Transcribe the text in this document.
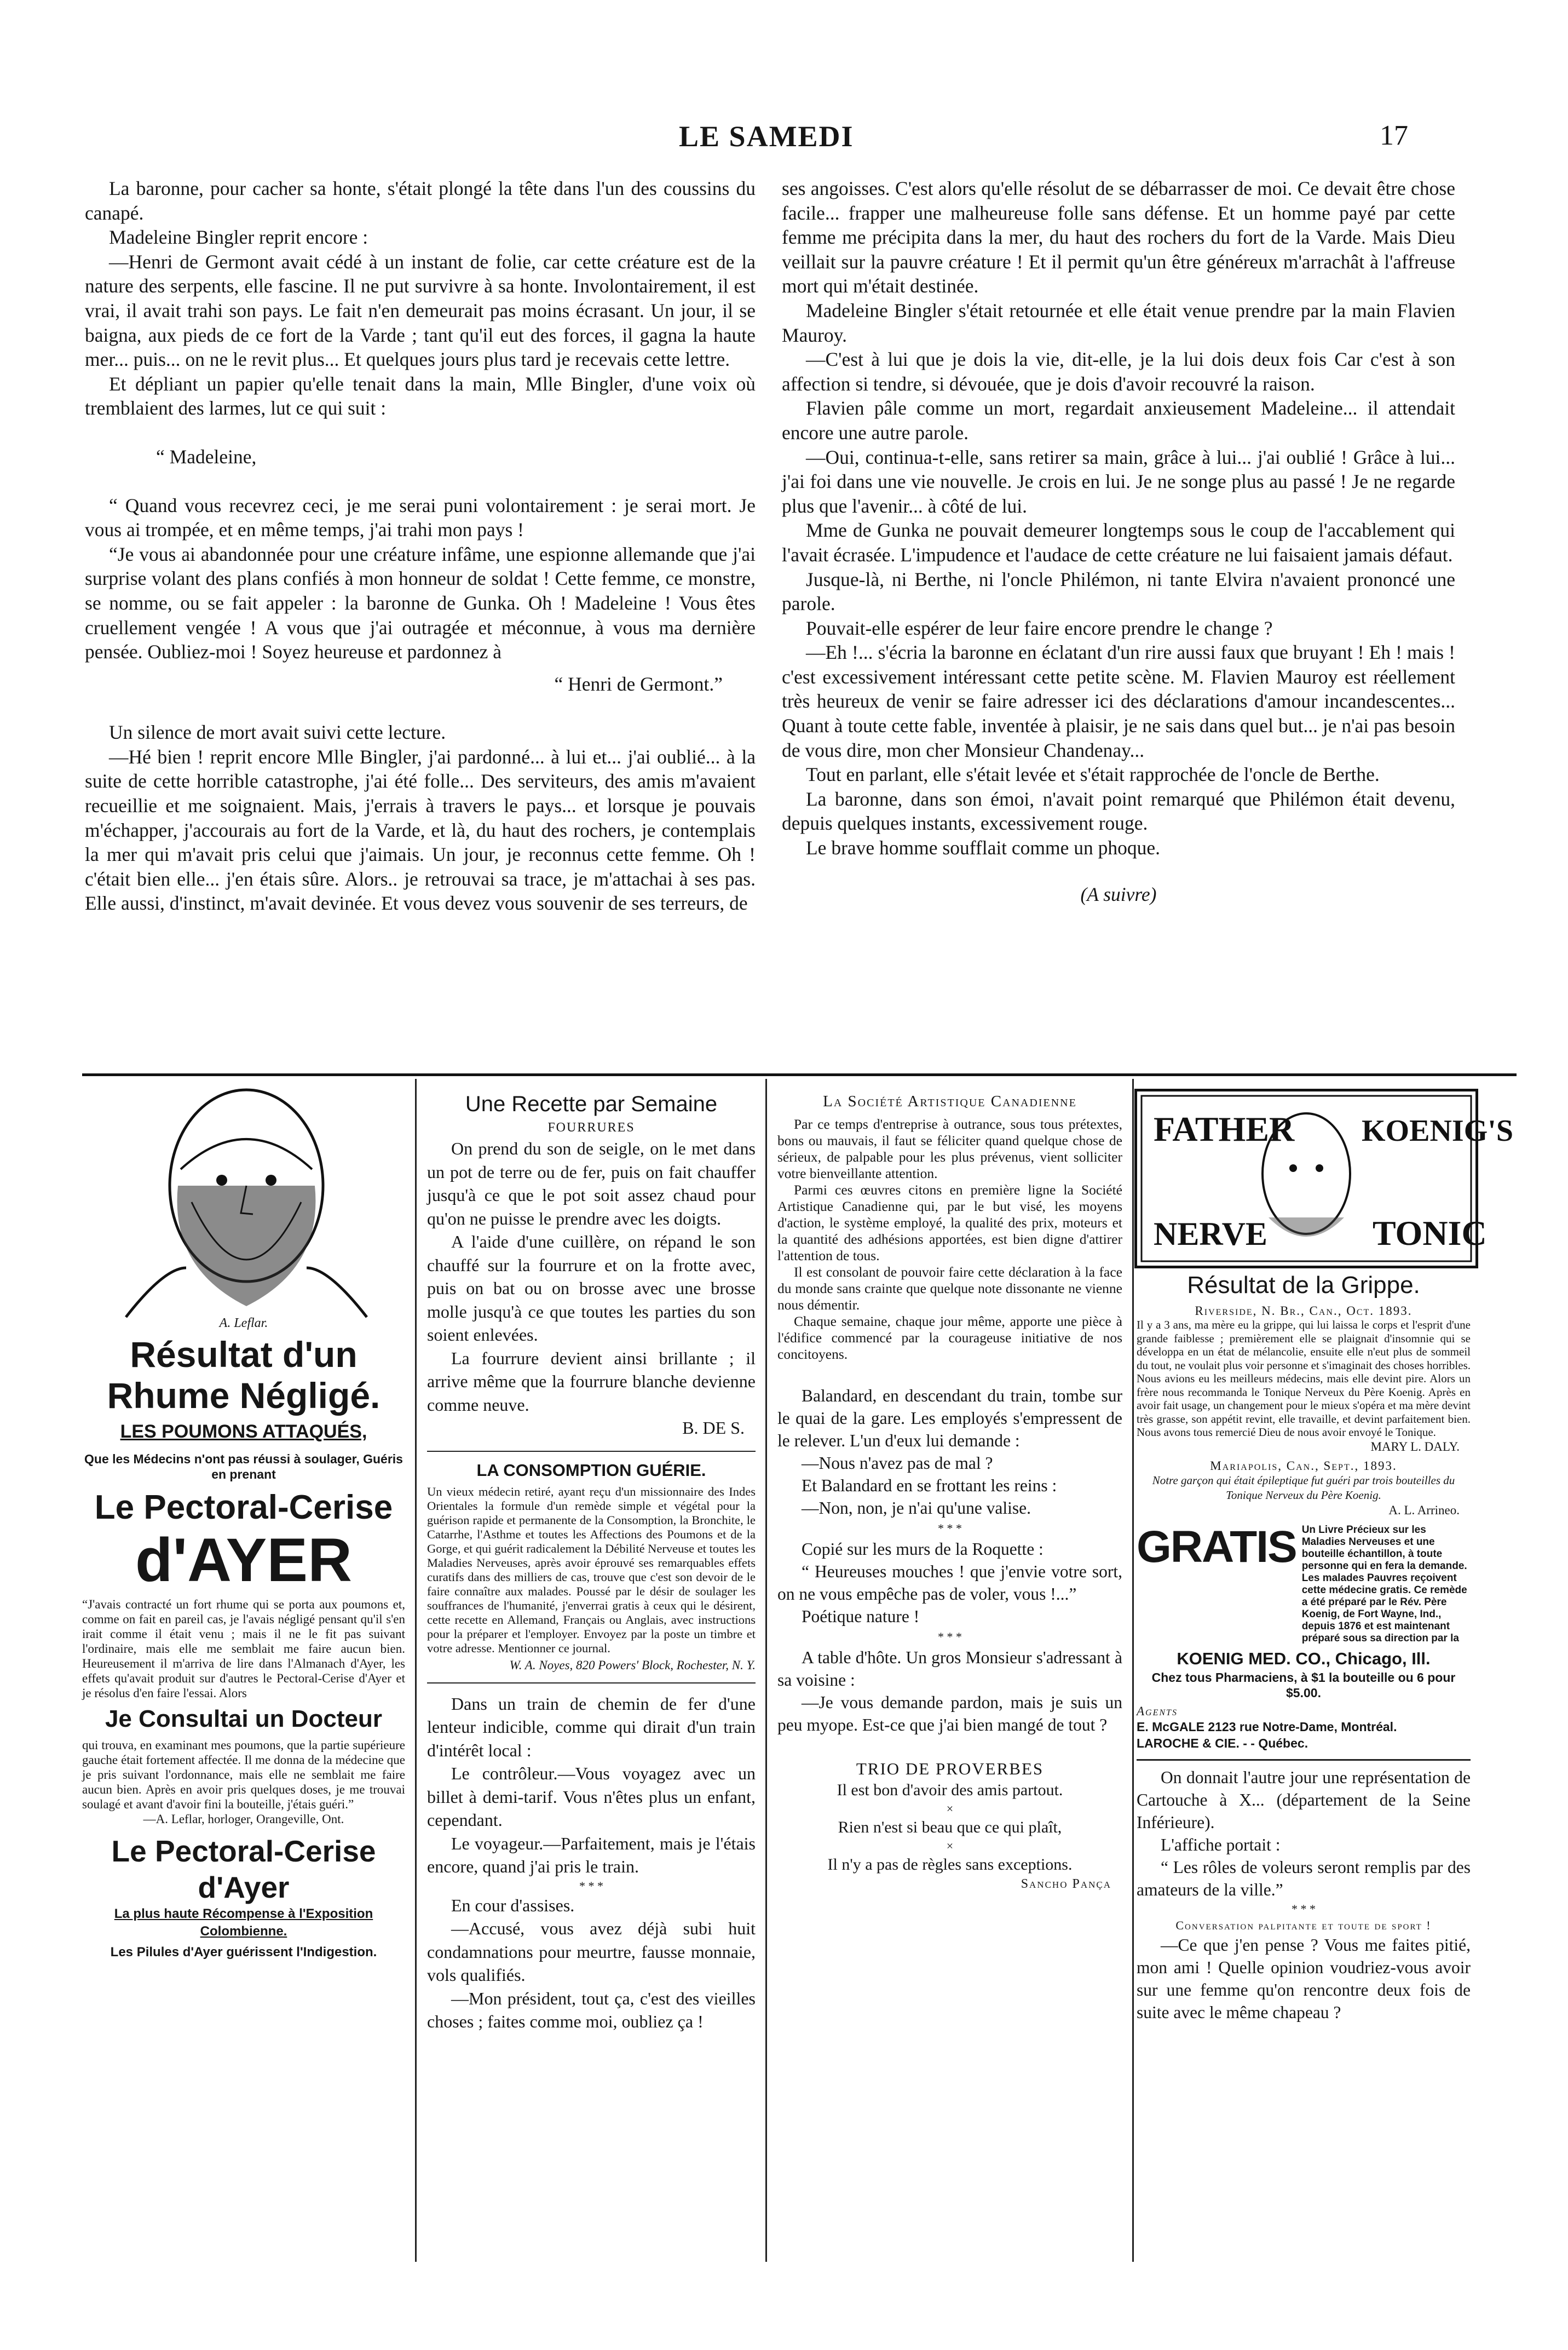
LE SAMEDI	17

La baronne, pour cacher sa honte, s'était plongé la tête dans l'un des coussins du canapé.

Madeleine Bingler reprit encore :

—Henri de Germont avait cédé à un instant de folie, car cette créature est de la nature des serpents, elle fascine. Il ne put survivre à sa honte. Involontairement, il est vrai, il avait trahi son pays. Le fait n'en demeurait pas moins écrasant. Un jour, il se baigna, aux pieds de ce fort de la Varde ; tant qu'il eut des forces, il gagna la haute mer... puis... on ne le revit plus... Et quelques jours plus tard je recevais cette lettre.

Et dépliant un papier qu'elle tenait dans la main, Mlle Bingler, d'une voix où tremblaient des larmes, lut ce qui suit :

“ Madeleine,

“ Quand vous recevrez ceci, je me serai puni volontairement : je serai mort. Je vous ai trompée, et en même temps, j'ai trahi mon pays !

“Je vous ai abandonnée pour une créature infâme, une espionne allemande que j'ai surprise volant des plans confiés à mon honneur de soldat ! Cette femme, ce monstre, se nomme, ou se fait appeler : la baronne de Gunka. Oh ! Madeleine ! Vous êtes cruellement vengée ! A vous que j'ai outragée et méconnue, à vous ma dernière pensée. Oubliez-moi ! Soyez heureuse et pardonnez à

“ Henri de Germont.”

Un silence de mort avait suivi cette lecture.

—Hé bien ! reprit encore Mlle Bingler, j'ai pardonné... à lui et... j'ai oublié... à la suite de cette horrible catastrophe, j'ai été folle... Des serviteurs, des amis m'avaient recueillie et me soignaient. Mais, j'errais à travers le pays... et lorsque je pouvais m'échapper, j'accourais au fort de la Varde, et là, du haut des rochers, je contemplais la mer qui m'avait pris celui que j'aimais. Un jour, je reconnus cette femme. Oh ! c'était bien elle... j'en étais sûre. Alors.. je retrouvai sa trace, je m'attachai à ses pas. Elle aussi, d'instinct, m'avait devinée. Et vous devez vous souvenir de ses terreurs, de

ses angoisses. C'est alors qu'elle résolut de se débarrasser de moi. Ce devait être chose facile... frapper une malheureuse folle sans défense. Et un homme payé par cette femme me précipita dans la mer, du haut des rochers du fort de la Varde. Mais Dieu veillait sur la pauvre créature ! Et il permit qu'un être généreux m'arrachât à l'affreuse mort qui m'était destinée.

Madeleine Bingler s'était retournée et elle était venue prendre par la main Flavien Mauroy.

—C'est à lui que je dois la vie, dit-elle, je la lui dois deux fois Car c'est à son affection si tendre, si dévouée, que je dois d'avoir recouvré la raison.

Flavien pâle comme un mort, regardait anxieusement Madeleine... il attendait encore une autre parole.

—Oui, continua-t-elle, sans retirer sa main, grâce à lui... j'ai oublié ! Grâce à lui... j'ai foi dans une vie nouvelle. Je crois en lui. Je ne songe plus au passé ! Je ne regarde plus que l'avenir... à côté de lui.

Mme de Gunka ne pouvait demeurer longtemps sous le coup de l'accablement qui l'avait écrasée. L'impudence et l'audace de cette créature ne lui faisaient jamais défaut.

Jusque-là, ni Berthe, ni l'oncle Philémon, ni tante Elvira n'avaient prononcé une parole.

Pouvait-elle espérer de leur faire encore prendre le change ?

—Eh !... s'écria la baronne en éclatant d'un rire aussi faux que bruyant ! Eh ! mais ! c'est excessivement intéressant cette petite scène. M. Flavien Mauroy est réellement très heureux de venir se faire adresser ici des déclarations d'amour incandescentes... Quant à toute cette fable, inventée à plaisir, je ne sais dans quel but... je n'ai pas besoin de vous dire, mon cher Monsieur Chandenay...

Tout en parlant, elle s'était levée et s'était rapprochée de l'oncle de Berthe.

La baronne, dans son émoi, n'avait point remarqué que Philémon était devenu, depuis quelques instants, excessivement rouge.

Le brave homme soufflait comme un phoque.

(A suivre)

A. Leflar.
Résultat d'un
Rhume Négligé.
LES POUMONS ATTAQUÉS,
Que les Médecins n'ont pas réussi à soulager, Guéris en prenant
Le Pectoral-Cerise
d'AYER
“J'avais contracté un fort rhume qui se porta aux poumons et, comme on fait en pareil cas, je l'avais négligé pensant qu'il s'en irait comme il était venu ; mais il ne le fit pas suivant l'ordinaire, mais elle me semblait me faire aucun bien. Heureusement il m'arriva de lire dans l'Almanach d'Ayer, les effets qu'avait produit sur d'autres le Pectoral-Cerise d'Ayer et je résolus d'en faire l'essai. Alors
Je Consultai un Docteur
qui trouva, en examinant mes poumons, que la partie supérieure gauche était fortement affectée. Il me donna de la médecine que je pris suivant l'ordonnance, mais elle ne semblait me faire aucun bien. Après en avoir pris quelques doses, je me trouvai soulagé et avant d'avoir fini la bouteille, j'étais guéri.”
—A. Leflar, horloger, Orangeville, Ont.
Le Pectoral-Cerise d'Ayer
La plus haute Récompense à l'Exposition Colombienne.
Les Pilules d'Ayer guérissent l'Indigestion.
Une Recette par Semaine
FOURRURES

On prend du son de seigle, on le met dans un pot de terre ou de fer, puis on fait chauffer jusqu'à ce que le pot soit assez chaud pour qu'on ne puisse le prendre avec les doigts.

A l'aide d'une cuillère, on répand le son chauffé sur la fourrure et on la frotte avec, puis on bat ou on brosse avec une brosse molle jusqu'à ce que toutes les parties du son soient enlevées.

La fourrure devient ainsi brillante ; il arrive même que la fourrure blanche devienne comme neuve.

B. DE S.

LA CONSOMPTION GUÉRIE.
Un vieux médecin retiré, ayant reçu d'un missionnaire des Indes Orientales la formule d'un remède simple et végétal pour la guérison rapide et permanente de la Consomption, la Bronchite, le Catarrhe, l'Asthme et toutes les Affections des Poumons et de la Gorge, et qui guérit radicalement la Débilité Nerveuse et toutes les Maladies Nerveuses, après avoir éprouvé ses remarquables effets curatifs dans des milliers de cas, trouve que c'est son devoir de le faire connaître aux malades. Poussé par le désir de soulager les souffrances de l'humanité, j'enverrai gratis à ceux qui le désirent, cette recette en Allemand, Français ou Anglais, avec instructions pour la préparer et l'employer. Envoyez par la poste un timbre et votre adresse. Mentionner ce journal.
W. A. Noyes, 820 Powers' Block, Rochester, N. Y.

Dans un train de chemin de fer d'une lenteur indicible, comme qui dirait d'un train d'intérêt local :

Le contrôleur.—Vous voyagez avec un billet à demi-tarif. Vous n'êtes plus un enfant, cependant.

Le voyageur.—Parfaitement, mais je l'étais encore, quand j'ai pris le train.

* * *

En cour d'assises.

—Accusé, vous avez déjà subi huit condamnations pour meurtre, fausse monnaie, vols qualifiés.

—Mon président, tout ça, c'est des vieilles choses ; faites comme moi, oubliez ça !

La Société Artistique Canadienne

Par ce temps d'entreprise à outrance, sous tous prétextes, bons ou mauvais, il faut se féliciter quand quelque chose de sérieux, de palpable pour les plus prévenus, vient solliciter votre bienveillante attention.

Parmi ces œuvres citons en première ligne la Société Artistique Canadienne qui, par le but visé, les moyens d'action, le système employé, la qualité des prix, moteurs et la quantité des adhésions apportées, est bien digne d'attirer l'attention de tous.

Il est consolant de pouvoir faire cette déclaration à la face du monde sans crainte que quelque note dissonante ne vienne nous démentir.

Chaque semaine, chaque jour même, apporte une pièce à l'édifice commencé par la courageuse initiative de nos concitoyens.

Balandard, en descendant du train, tombe sur le quai de la gare. Les employés s'empressent de le relever. L'un d'eux lui demande :

—Nous n'avez pas de mal ?

Et Balandard en se frottant les reins :

—Non, non, je n'ai qu'une valise.

* * *

Copié sur les murs de la Roquette :

“ Heureuses mouches ! que j'envie votre sort, on ne vous empêche pas de voler, vous !...”

Poétique nature !

* * *

A table d'hôte. Un gros Monsieur s'adressant à sa voisine :

—Je vous demande pardon, mais je suis un peu myope. Est-ce que j'ai bien mangé de tout ?

TRIO DE PROVERBES
Il est bon d'avoir des amis partout.
×
Rien n'est si beau que ce qui plaît,
×
Il n'y a pas de règles sans exceptions.
Sancho Pança
FATHER KOENIG'S
NERVE	TONIC
Résultat de la Grippe.
Riverside, N. Br., Can., Oct. 1893.
Il y a 3 ans, ma mère eu la grippe, qui lui laissa le corps et l'esprit d'une grande faiblesse ; premièrement elle se plaignait d'insomnie qui se développa en un état de mélancolie, ensuite elle n'eut plus de sommeil du tout, ne voulait plus voir personne et s'imaginait des choses horribles. Nous avions eu les meilleurs médecins, mais elle devint pire. Alors un frère nous recommanda le Tonique Nerveux du Père Koenig. Après en avoir fait usage, un changement pour le mieux s'opéra et ma mère devint très grasse, son appétit revint, elle travaille, et devint parfaitement bien. Nous avons tous remercié Dieu de nous avoir envoyé le Tonique.
MARY L. DALY.
Mariapolis, Can., Sept., 1893.
Notre garçon qui était épileptique fut guéri par trois bouteilles du Tonique Nerveux du Père Koenig.
A. L. Arrineo.
GRATIS Un Livre Précieux sur les Maladies Nerveuses et une bouteille échantillon, à toute personne qui en fera la demande. Les malades Pauvres reçoivent cette médecine gratis. Ce remède a été préparé par le Rév. Père Koenig, de Fort Wayne, Ind., depuis 1876 et est maintenant préparé sous sa direction par la
KOENIG MED. CO., Chicago, Ill.
Chez tous Pharmaciens, à $1 la bouteille ou 6 pour $5.00.
Agents
E. McGALE 2123 rue Notre-Dame, Montréal.
LAROCHE & CIE. - - Québec.

On donnait l'autre jour une représentation de Cartouche à X... (département de la Seine Inférieure).

L'affiche portait :

“ Les rôles de voleurs seront remplis par des amateurs de la ville.”

* * *

Conversation palpitante et toute de sport !

—Ce que j'en pense ? Vous me faites pitié, mon ami ! Quelle opinion voudriez-vous avoir sur une femme qu'on rencontre deux fois de suite avec le même chapeau ?
